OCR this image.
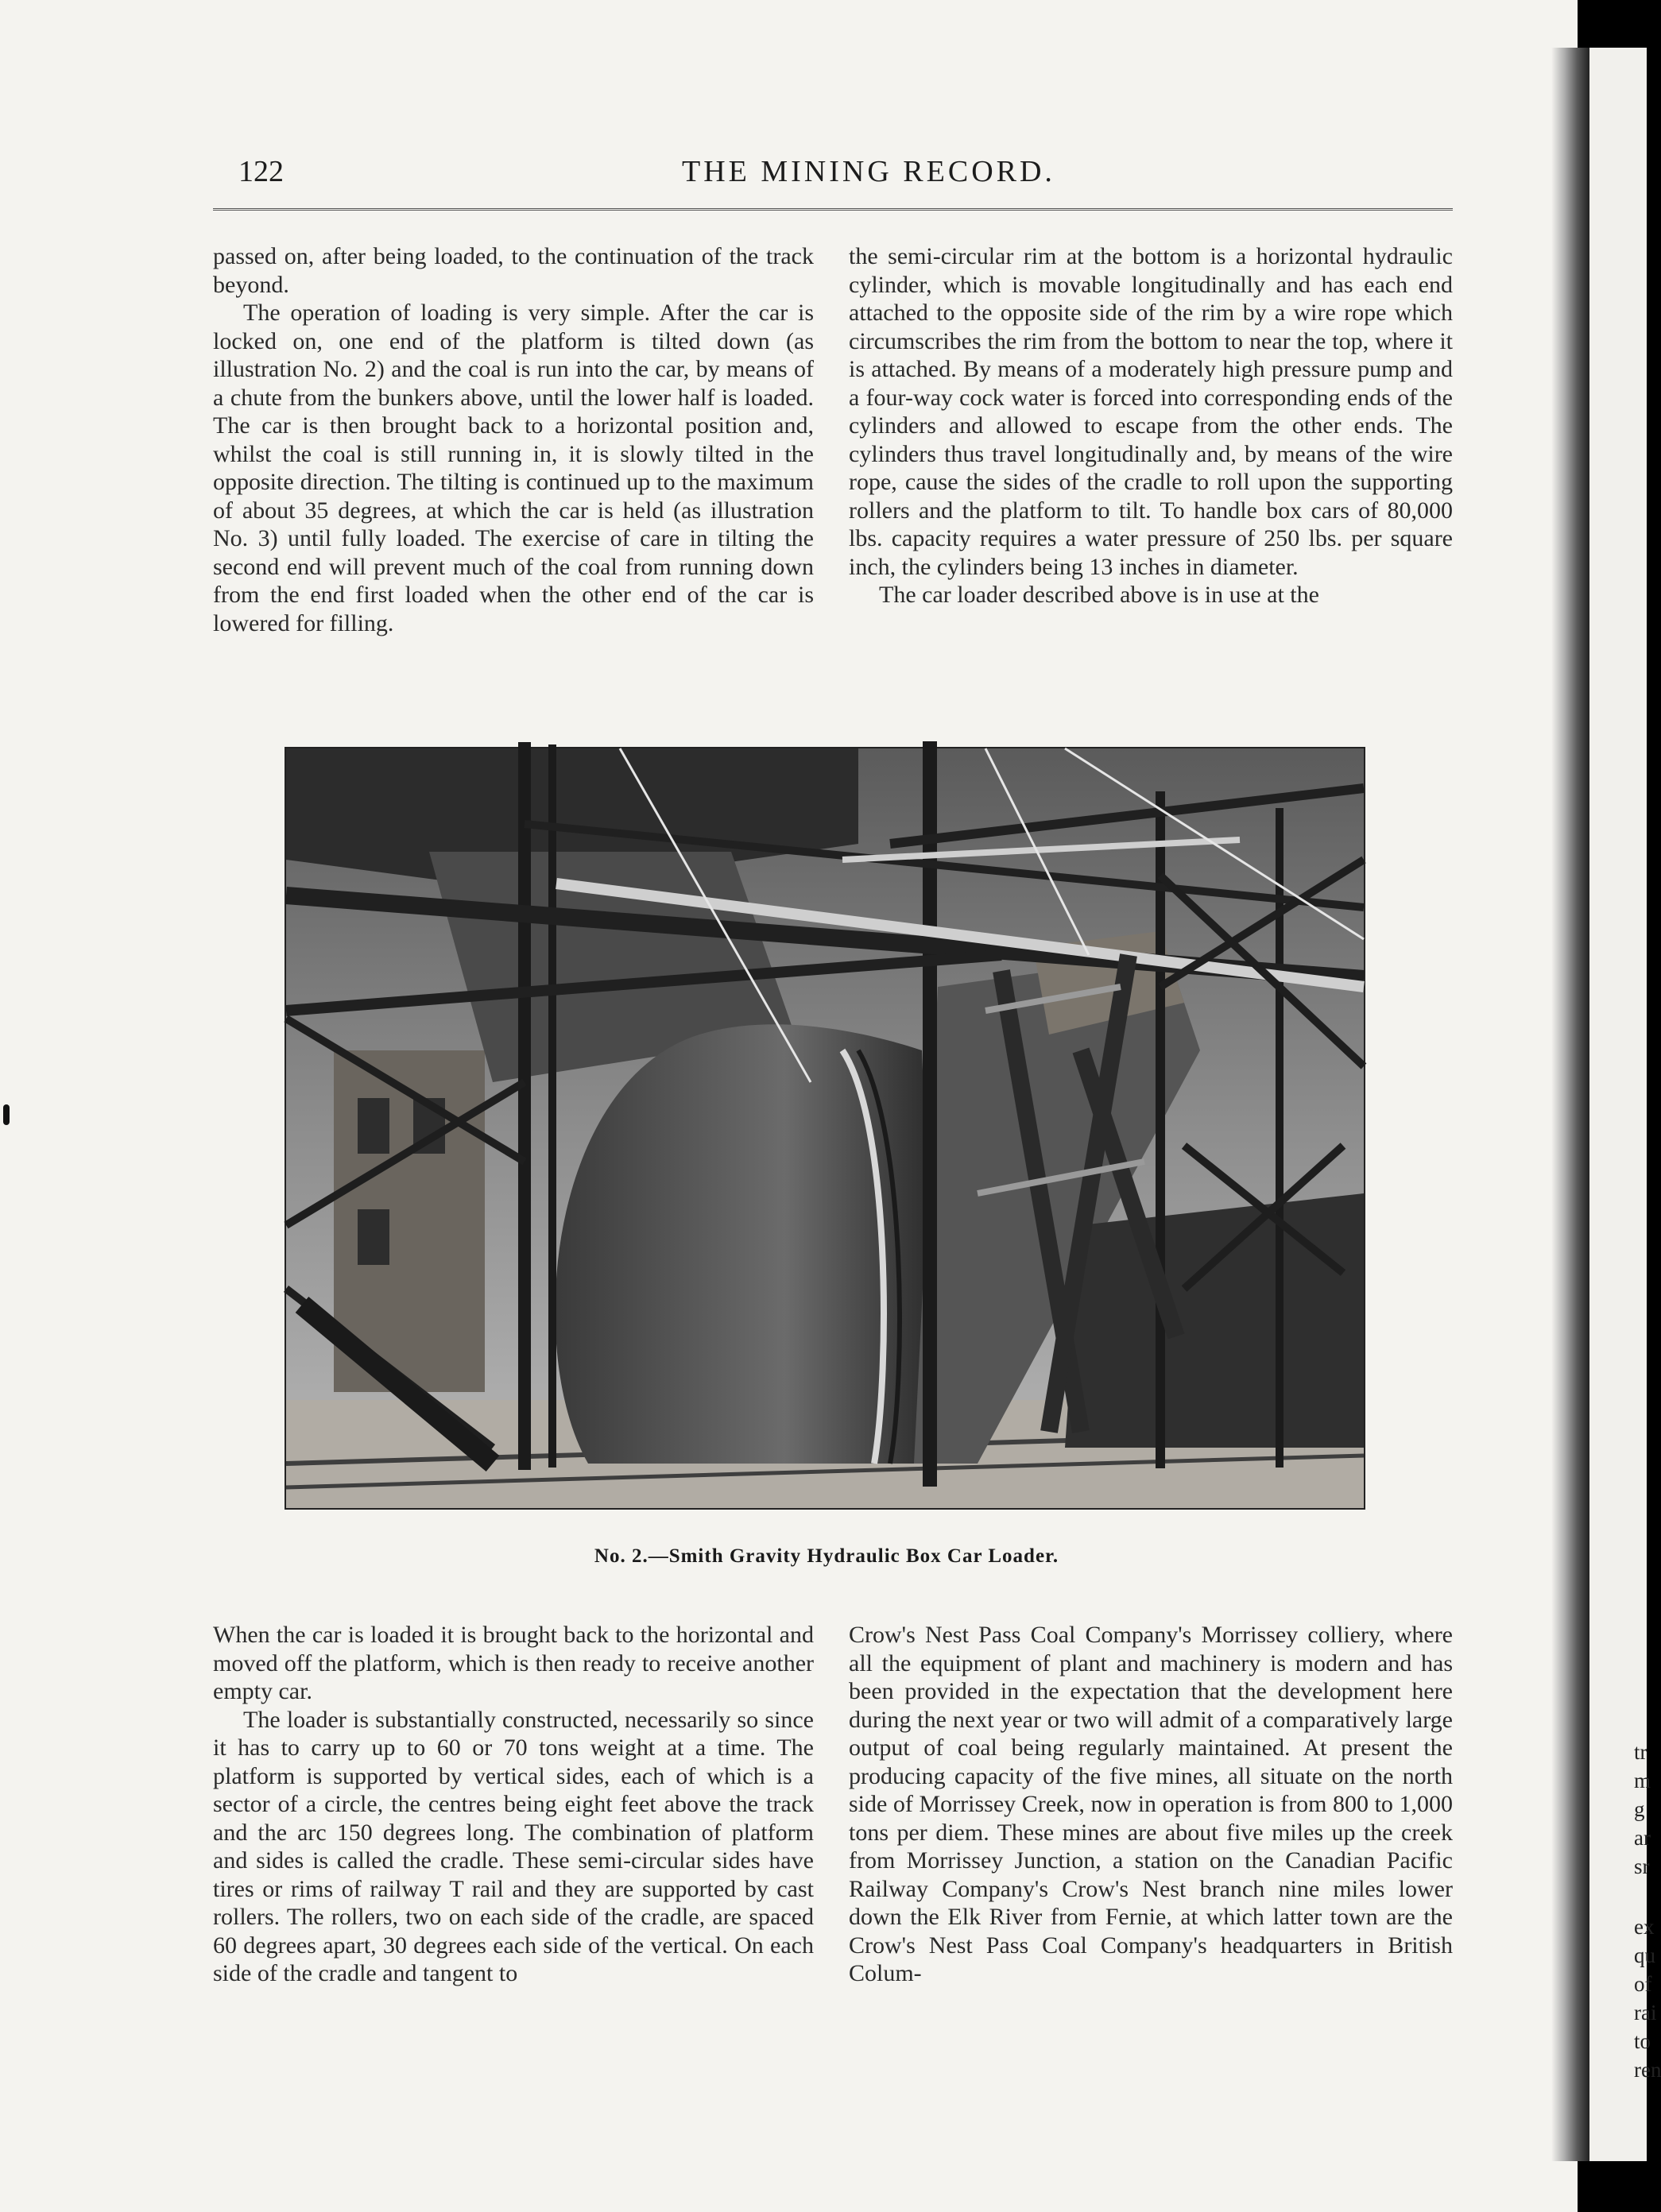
122	THE MINING RECORD.

passed on, after being loaded, to the continuation of the track beyond.

The operation of loading is very simple. After the car is locked on, one end of the platform is tilted down (as illustration No. 2) and the coal is run into the car, by means of a chute from the bunkers above, until the lower half is loaded. The car is then brought back to a horizontal position and, whilst the coal is still running in, it is slowly tilted in the opposite direction. The tilting is continued up to the maximum of about 35 degrees, at which the car is held (as illustration No. 3) until fully loaded. The exercise of care in tilting the second end will prevent much of the coal from running down from the end first loaded when the other end of the car is lowered for filling.

the semi-circular rim at the bottom is a horizontal hydraulic cylinder, which is movable longitudinally and has each end attached to the opposite side of the rim by a wire rope which circumscribes the rim from the bottom to near the top, where it is attached. By means of a moderately high pressure pump and a four-way cock water is forced into corresponding ends of the cylinders and allowed to escape from the other ends. The cylinders thus travel longitudinally and, by means of the wire rope, cause the sides of the cradle to roll upon the supporting rollers and the platform to tilt. To handle box cars of 80,000 lbs. capacity requires a water pressure of 250 lbs. per square inch, the cylinders being 13 inches in diameter.

The car loader described above is in use at the

No. 2.—Smith Gravity Hydraulic Box Car Loader.

When the car is loaded it is brought back to the horizontal and moved off the platform, which is then ready to receive another empty car.

The loader is substantially constructed, necessarily so since it has to carry up to 60 or 70 tons weight at a time. The platform is supported by vertical sides, each of which is a sector of a circle, the centres being eight feet above the track and the arc 150 degrees long. The combination of platform and sides is called the cradle. These semi-circular sides have tires or rims of railway T rail and they are supported by cast rollers. The rollers, two on each side of the cradle, are spaced 60 degrees apart, 30 degrees each side of the vertical. On each side of the cradle and tangent to

Crow's Nest Pass Coal Company's Morrissey colliery, where all the equipment of plant and machinery is modern and has been provided in the expectation that the development here during the next year or two will admit of a comparatively large output of coal being regularly maintained. At present the producing capacity of the five mines, all situate on the north side of Morrissey Creek, now in operation is from 800 to 1,000 tons per diem. These mines are about five miles up the creek from Morrissey Junction, a station on the Canadian Pacific Railway Company's Crow's Nest branch nine miles lower down the Elk River from Fernie, at which latter town are the Crow's Nest Pass Coal Company's headquarters in British Colum-

tr
m
g
ar
sr
ex
qu
of
rai
to
ren
